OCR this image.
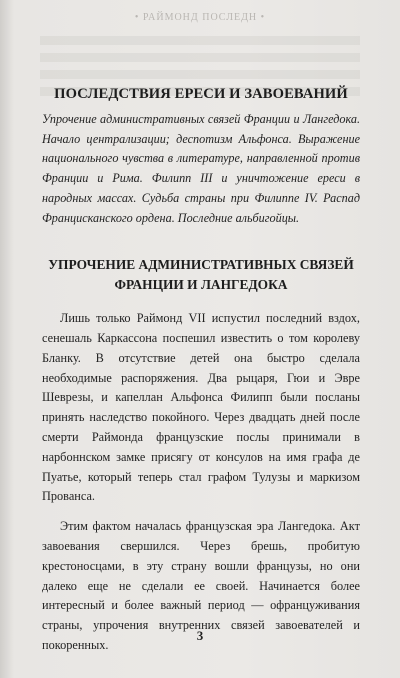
• РАЙМОНД ПОСЛЕДН •
ПОСЛЕДСТВИЯ ЕРЕСИ И ЗАВОЕВАНИЙ

Упрочение административных связей Франции и Лангедока. Начало централизации; деспотизм Альфонса. Выражение национального чувства в литературе, направленной против Франции и Рима. Филипп III и уничтожение ереси в народных массах. Судьба страны при Филиппе IV. Распад Францисканского ордена. Последние альбигойцы.

УПРОЧЕНИЕ АДМИНИСТРАТИВНЫХ СВЯЗЕЙ ФРАНЦИИ И ЛАНГЕДОКА

Лишь только Раймонд VII испустил последний вздох, сенешаль Каркассона поспешил известить о том королеву Бланку. В отсутствие детей она быстро сделала необходимые распоряжения. Два рыцаря, Гюи и Эвре Шеврезы, и капеллан Альфонса Филипп были посланы принять наследство покойного. Через двадцать дней после смерти Раймонда французские послы принимали в нарбоннском замке присягу от консулов на имя графа де Пуатье, который теперь стал графом Тулузы и маркизом Прованса.

Этим фактом началась французская эра Лангедока. Акт завоевания свершился. Через брешь, пробитую крестоносцами, в эту страну вошли французы, но они далеко еще не сделали ее своей. Начинается более интересный и более важный период — офранцуживания страны, упрочения внутренних связей завоевателей и покоренных.

3
